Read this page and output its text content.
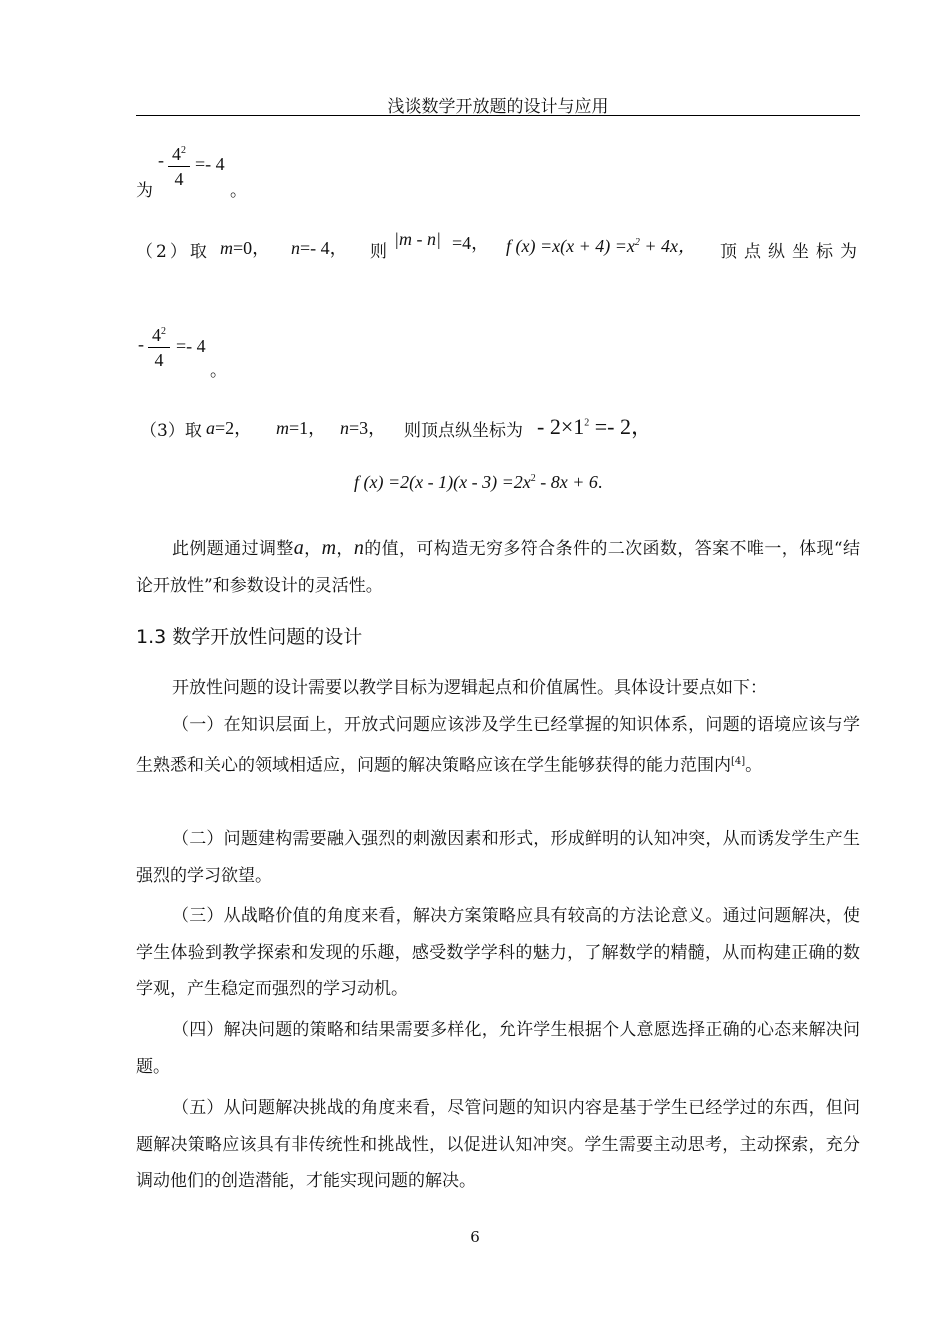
浅谈数学开放题的设计与应用
- $4^2$
4
=- 4
为	。
（2）取 m=0， n=- 4， 则
|m - n| =4， f $(x) =x(x + 4) =x^2 + 4x$， 顶点纵坐标为
- $4^2$
4
=- 4
。
（3）取 a=2， m=1， n=3， 则顶点纵坐标为 - $2\times 1^2 =- 2$，
f $(x) =2(x - 1)(x - 3) =2x^2 - 8x + 6$.
此例题通过调整a，m，n的值，可构造无穷多符合条件的二次函数，答案不唯一，体现“结论开放性”和参数设计的灵活性。
1.3 数学开放性问题的设计
开放性问题的设计需要以教学目标为逻辑起点和价值属性。具体设计要点如下：
（一）在知识层面上，开放式问题应该涉及学生已经掌握的知识体系，问题的语境应该与学生熟悉和关心的领域相适应，问题的解决策略应该在学生能够获得的能力范围内[4]。
（二）问题建构需要融入强烈的刺激因素和形式，形成鲜明的认知冲突，从而诱发学生产生强烈的学习欲望。
（三）从战略价值的角度来看，解决方案策略应具有较高的方法论意义。通过问题解决，使学生体验到教学探索和发现的乐趣，感受数学学科的魅力，了解数学的精髓，从而构建正确的数学观，产生稳定而强烈的学习动机。
（四）解决问题的策略和结果需要多样化，允许学生根据个人意愿选择正确的心态来解决问题。
（五）从问题解决挑战的角度来看，尽管问题的知识内容是基于学生已经学过的东西，但问题解决策略应该具有非传统性和挑战性，以促进认知冲突。学生需要主动思考，主动探索，充分调动他们的创造潜能，才能实现问题的解决。
6
